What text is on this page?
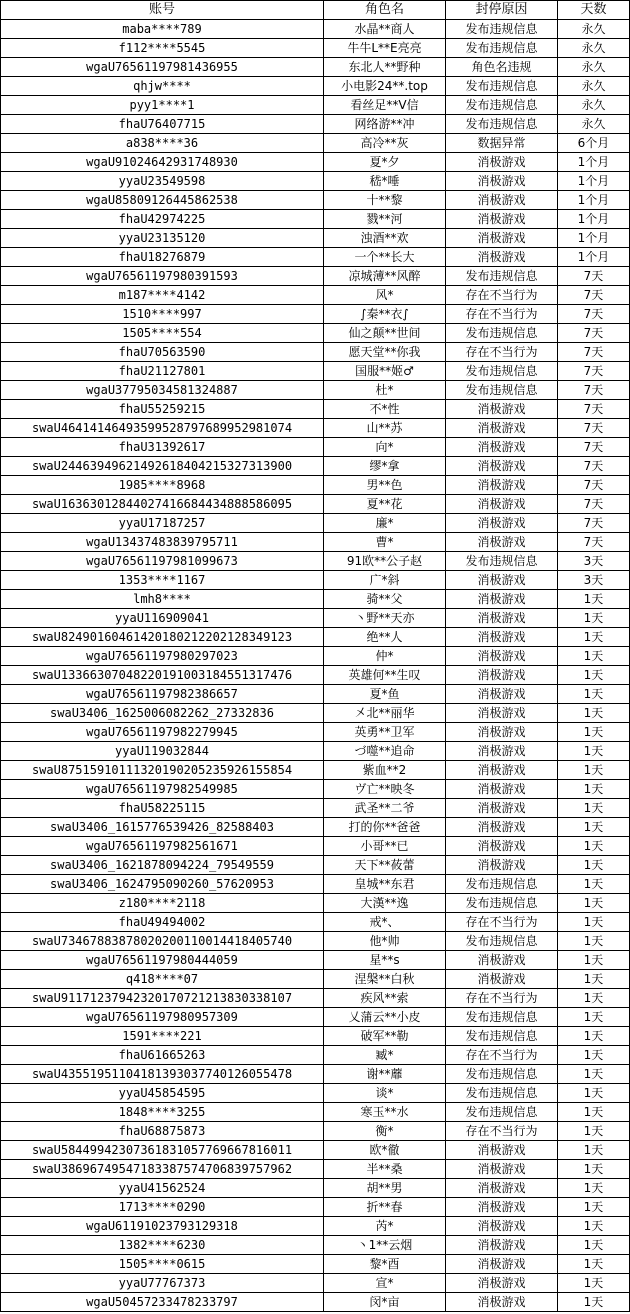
账号	角色名	封停原因	天数
maba****789	水晶**商人	发布违规信息	永久
f112****5545	牛牛L**E亮亮	发布违规信息	永久
wgaU76561197981436955	东北人**野种	角色名违规	永久
qhjw****	小电影24**.top	发布违规信息	永久
pyy1****1	看丝足**V信	发布违规信息	永久
fhaU76407715	网络游**冲	发布违规信息	永久
a838****36	高冷**灰	数据异常	6个月
wgaU91024642931748930	夏*夕	消极游戏	1个月
yyaU23549598	嵇*唾	消极游戏	1个月
wgaU85809126445862538	十**黎	消极游戏	1个月
fhaU42974225	戮**河	消极游戏	1个月
yyaU23135120	浊酒**欢	消极游戏	1个月
fhaU18276879	一个**长大	消极游戏	1个月
wgaU76561197980391593	凉城薄**风醉	发布违规信息	7天
m187****4142	风*	存在不当行为	7天
1510****997	∫秦**衣∫	存在不当行为	7天
1505****554	仙之颠**世间	发布违规信息	7天
fhaU70563590	愿天堂**你我	存在不当行为	7天
fhaU21127801	国服**姬♂	发布违规信息	7天
wgaU37795034581324887	杜*	发布违规信息	7天
fhaU55259215	不*性	消极游戏	7天
swaU46414146493599528797689952981074	山**苏	消极游戏	7天
fhaU31392617	向*	消极游戏	7天
swaU24463949621492618404215327313900	缪*拿	消极游戏	7天
1985****8968	男**色	消极游戏	7天
swaU16363012844027416684434888586095	夏**花	消极游戏	7天
yyaU17187257	廉*	消极游戏	7天
wgaU13437483839795711	曹*	消极游戏	7天
wgaU76561197981099673	91欧**公子赵	发布违规信息	3天
1353****1167	广*斜	消极游戏	3天
lmh8****	骑**父	消极游戏	1天
yyaU116909041	丶野**天亦	消极游戏	1天
swaU82490160461420180212202128349123	绝**人	消极游戏	1天
wgaU76561197980297023	仲*	消极游戏	1天
swaU13366307048220191003184551317476	英雄何**生叹	消极游戏	1天
wgaU76561197982386657	夏*鱼	消极游戏	1天
swaU3406_1625006082262_27332836	㐅北**丽华	消极游戏	1天
wgaU76561197982279945	英勇**卫军	消极游戏	1天
yyaU119032844	づ噬**追命	消极游戏	1天
swaU87515910111320190205235926155854	紫血**2	消极游戏	1天
wgaU76561197982549985	ヴ亡**映冬	消极游戏	1天
fhaU58225115	武圣**二爷	消极游戏	1天
swaU3406_1615776539426_82588403	打的你**爸爸	消极游戏	1天
wgaU76561197982561671	小哥**已	消极游戏	1天
swaU3406_1621878094224_79549559	天下**莜蕾	消极游戏	1天
swaU3406_1624795090260_57620953	皇城**东君	发布违规信息	1天
z180****2118	大漢**逸	发布违规信息	1天
fhaU49494002	戒*、	存在不当行为	1天
swaU73467883878020200110014418405740	他*帅	发布违规信息	1天
wgaU76561197980444059	星**s	消极游戏	1天
q418****07	涅槃**白秋	消极游戏	1天
swaU91171237942320170721213830338107	疾风**索	存在不当行为	1天
wgaU76561197980957309	乂蒲云**小皮	发布违规信息	1天
1591****221	破军**勒	发布违规信息	1天
fhaU61665263	臧*	存在不当行为	1天
swaU43551951104181393037740126055478	谢**蘼	发布违规信息	1天
yyaU45854595	谈*	发布违规信息	1天
1848****3255	寒玉**水	发布违规信息	1天
fhaU68875873	衡*	存在不当行为	1天
swaU58449942307361831057769667816011	欧*徹	消极游戏	1天
swaU38696749547183387574706839757962	半**桑	消极游戏	1天
yyaU41562524	胡**男	消极游戏	1天
1713****0290	折**春	消极游戏	1天
wgaU61191023793129318	芮*	消极游戏	1天
1382****6230	丶1**云烟	消极游戏	1天
1505****0615	黎*酉	消极游戏	1天
yyaU77767373	宣*	消极游戏	1天
wgaU50457233478233797	闵*亩	消极游戏	1天
